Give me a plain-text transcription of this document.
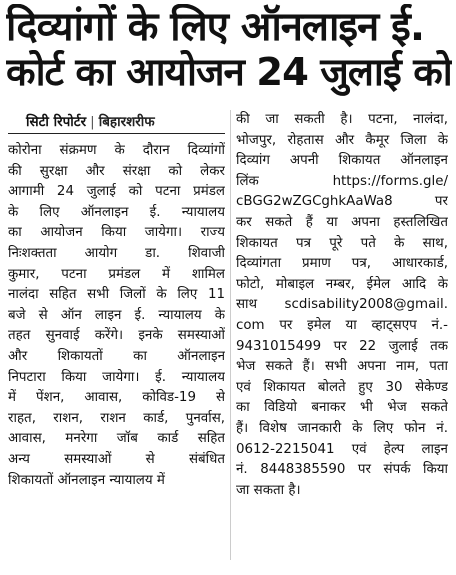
दिव्यांगों के लिए ऑनलाइन ई.
कोर्ट का आयोजन 24 जुलाई को
सिटी रिपोर्टर | बिहारशरीफ
कोरोना संक्रमण के दौरान दिव्यांगों
की सुरक्षा और संरक्षा को लेकर
आगामी 24 जुलाई को पटना प्रमंडल
के लिए ऑनलाइन ई. न्यायालय
का आयोजन किया जायेगा। राज्य
निःशक्तता आयोग डा. शिवाजी
कुमार, पटना प्रमंडल में शामिल
नालंदा सहित सभी जिलों के लिए 11
बजे से ऑन लाइन ई. न्यायालय के
तहत सुनवाई करेंगे। इनके समस्याओं
और शिकायतों का ऑनलाइन
निपटारा किया जायेगा। ई. न्यायालय
में पेंशन, आवास, कोविड-19 से
राहत, राशन, राशन कार्ड, पुनर्वास,
आवास, मनरेगा जॉब कार्ड सहित
अन्य समस्याओं से संबंधित
शिकायतों ऑनलाइन न्यायालय में
की जा सकती है। पटना, नालंदा,
भोजपुर, रोहतास और कैमूर जिला के
दिव्यांग अपनी शिकायत ऑनलाइन
लिंक https://forms.gle/
cBGG2wZGCghkAaWa8 पर
कर सकते हैं या अपना हस्तलिखित
शिकायत पत्र पूरे पते के साथ,
दिव्यांगता प्रमाण पत्र, आधारकार्ड,
फोटो, मोबाइल नम्बर, ईमेल आदि के
साथ scdisability2008@gmail.
com पर इमेल या व्हाट्सएप नं.-
9431015499 पर 22 जुलाई तक
भेज सकते हैं। सभी अपना नाम, पता
एवं शिकायत बोलते हुए 30 सेकेण्ड
का विडियो बनाकर भी भेज सकते
हैं। विशेष जानकारी के लिए फोन नं.
0612-2215041 एवं हेल्प लाइन
नं. 8448385590 पर संपर्क किया
जा सकता है।
